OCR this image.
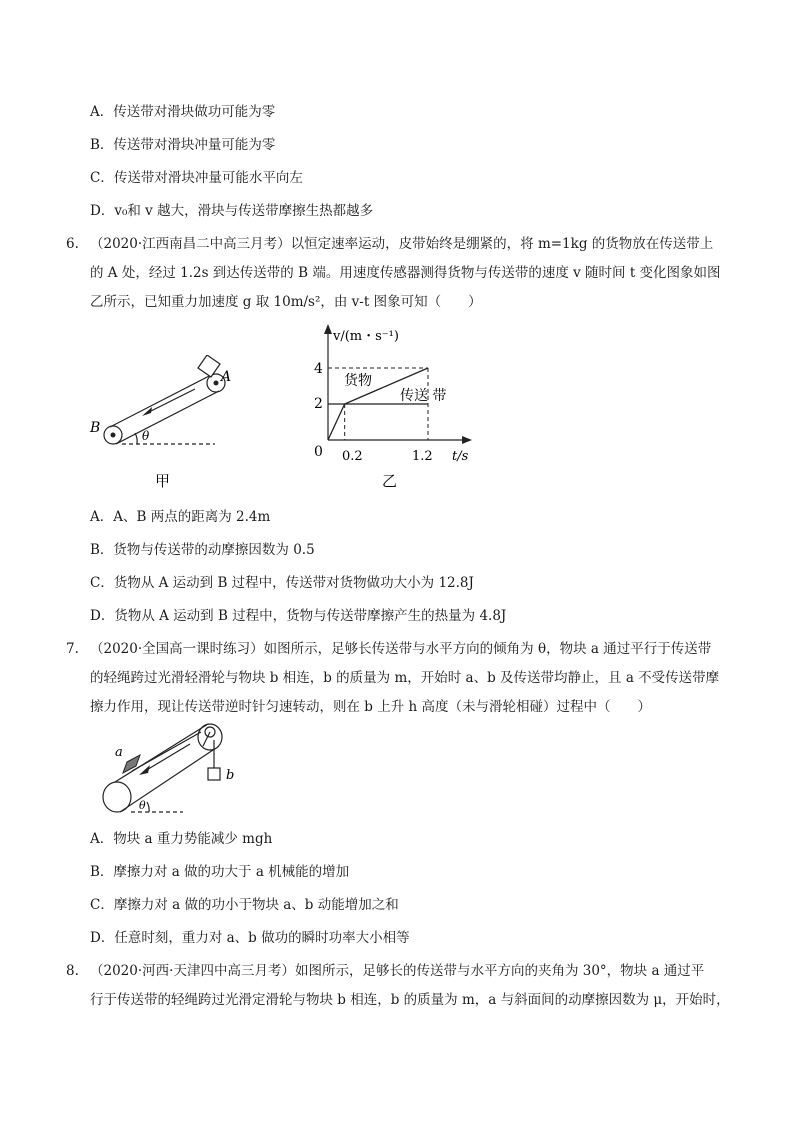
A．传送带对滑块做功可能为零
B．传送带对滑块冲量可能为零
C．传送带对滑块冲量可能水平向左
D．v₀和 v 越大，滑块与传送带摩擦生热都越多
6. （2020·江西南昌二中高三月考）以恒定速率运动，皮带始终是绷紧的，将 m=1kg 的货物放在传送带上
的 A 处，经过 1.2s 到达传送带的 B 端。用速度传感器测得货物与传送带的速度 v 随时间 t 变化图象如图
乙所示，已知重力加速度 g 取 10m/s²，由 v-t 图象可知（　　）
A
B	θ
甲
v/(m・s⁻¹)
4
2
0 0.2	1.2 t/s
货物
传送 带
乙
A．A、B 两点的距离为 2.4m
B．货物与传送带的动摩擦因数为 0.5
C．货物从 A 运动到 B 过程中，传送带对货物做功大小为 12.8J
D．货物从 A 运动到 B 过程中，货物与传送带摩擦产生的热量为 4.8J
7. （2020·全国高一课时练习）如图所示，足够长传送带与水平方向的倾角为 θ，物块 a 通过平行于传送带
的轻绳跨过光滑轻滑轮与物块 b 相连，b 的质量为 m，开始时 a、b 及传送带均静止，且 a 不受传送带摩
擦力作用，现让传送带逆时针匀速转动，则在 b 上升 h 高度（未与滑轮相碰）过程中（　　）
a
b
θ
A．物块 a 重力势能减少 mgh
B．摩擦力对 a 做的功大于 a 机械能的增加
C．摩擦力对 a 做的功小于物块 a、b 动能增加之和
D．任意时刻，重力对 a、b 做功的瞬时功率大小相等
8. （2020·河西·天津四中高三月考）如图所示，足够长的传送带与水平方向的夹角为 30°，物块 a 通过平
行于传送带的轻绳跨过光滑定滑轮与物块 b 相连，b 的质量为 m，a 与斜面间的动摩擦因数为 μ，开始时，
